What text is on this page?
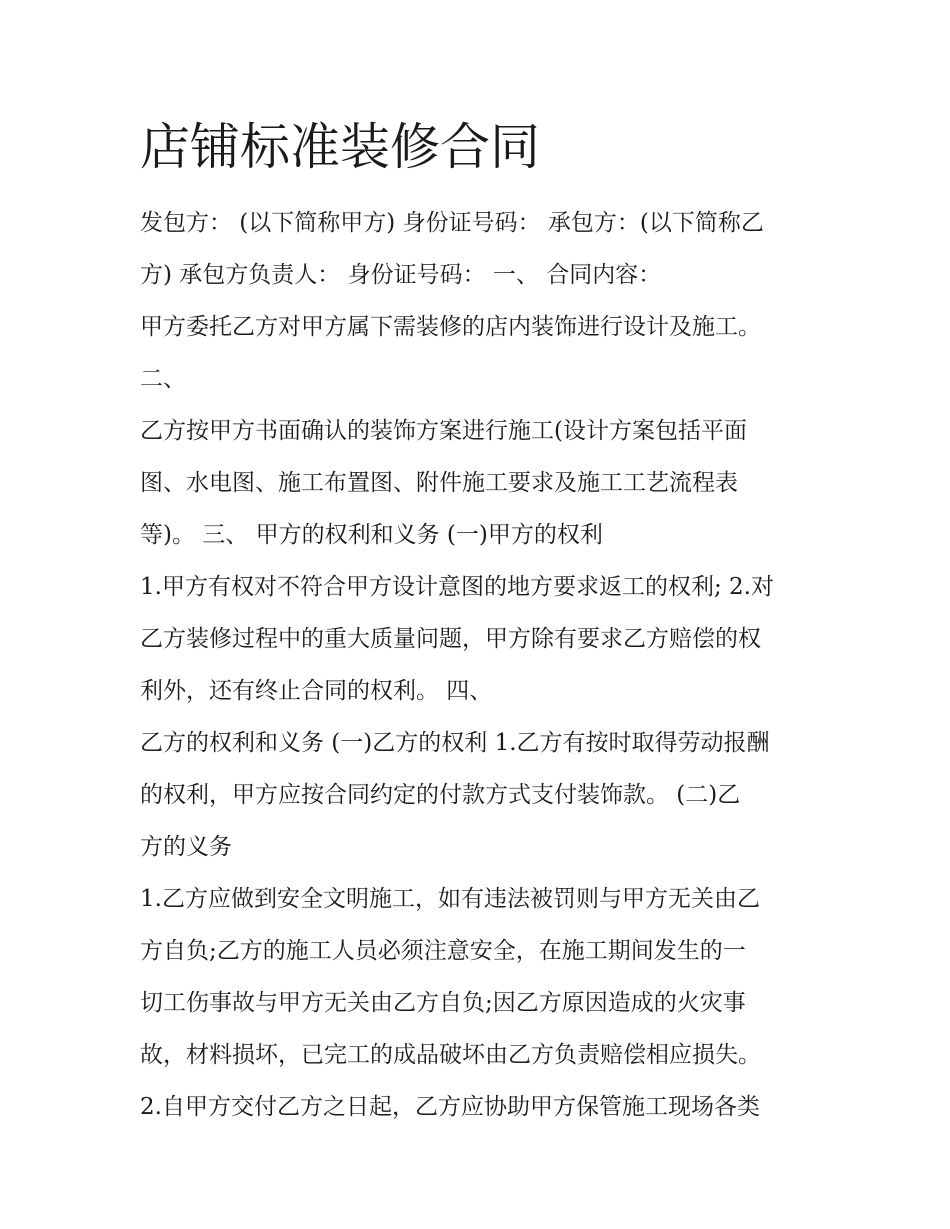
店铺标准装修合同

发包方： (以下简称甲方) 身份证号码： 承包方：(以下简称乙

方) 承包方负责人： 身份证号码： 一、 合同内容：

甲方委托乙方对甲方属下需装修的店内装饰进行设计及施工。

二、

乙方按甲方书面确认的装饰方案进行施工(设计方案包括平面

图、水电图、施工布置图、附件施工要求及施工工艺流程表

等)。 三、 甲方的权利和义务 (一)甲方的权利

1.甲方有权对不符合甲方设计意图的地方要求返工的权利; 2.对

乙方装修过程中的重大质量问题，甲方除有要求乙方赔偿的权

利外，还有终止合同的权利。 四、

乙方的权利和义务 (一)乙方的权利 1.乙方有按时取得劳动报酬

的权利，甲方应按合同约定的付款方式支付装饰款。 (二)乙

方的义务

1.乙方应做到安全文明施工，如有违法被罚则与甲方无关由乙

方自负;乙方的施工人员必须注意安全，在施工期间发生的一

切工伤事故与甲方无关由乙方自负;因乙方原因造成的火灾事

故，材料损坏，已完工的成品破坏由乙方负责赔偿相应损失。

2.自甲方交付乙方之日起，乙方应协助甲方保管施工现场各类
